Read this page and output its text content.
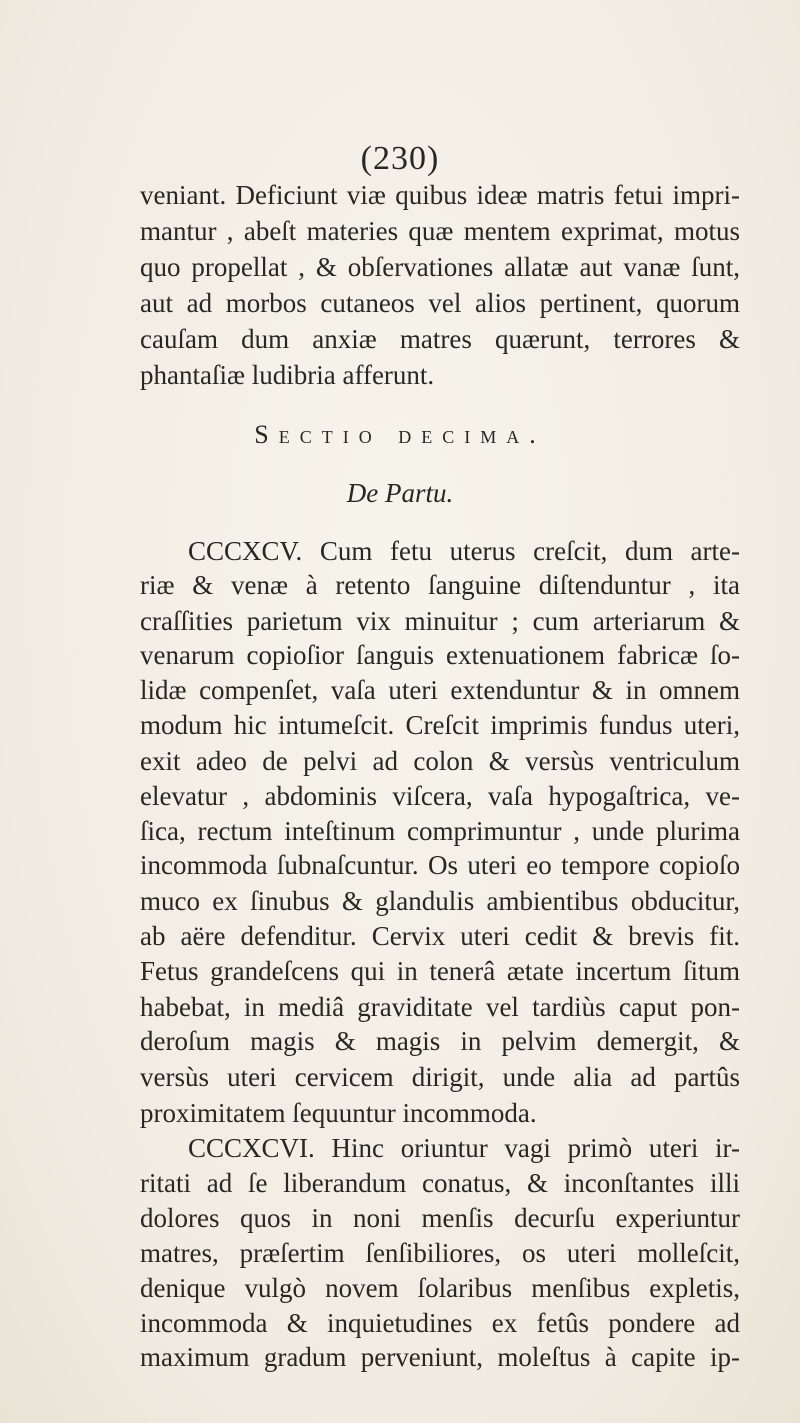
(230)
veniant. Deficiunt viæ quibus ideæ matris fetui impri-
mantur , abeſt materies quæ mentem exprimat, motus
quo propellat , & obſervationes allatæ aut vanæ ſunt,
aut ad morbos cutaneos vel alios pertinent, quorum
cauſam dum anxiæ matres quærunt, terrores &
phantaſiæ ludibria afferunt.
Sectio decima.
De Partu.
CCCXCV. Cum fetu uterus creſcit, dum arte-
riæ & venæ à retento ſanguine diſtenduntur , ita
craſſities parietum vix minuitur ; cum arteriarum &
venarum copioſior ſanguis extenuationem fabricæ ſo-
lidæ compenſet, vaſa uteri extenduntur & in omnem
modum hic intumeſcit. Creſcit imprimis fundus uteri,
exit adeo de pelvi ad colon & versùs ventriculum
elevatur , abdominis viſcera, vaſa hypogaſtrica, ve-
ſica, rectum inteſtinum comprimuntur , unde plurima
incommoda ſubnaſcuntur. Os uteri eo tempore copioſo
muco ex ſinubus & glandulis ambientibus obducitur,
ab aëre defenditur. Cervix uteri cedit & brevis fit.
Fetus grandeſcens qui in tenerâ ætate incertum ſitum
habebat, in mediâ graviditate vel tardiùs caput pon-
deroſum magis & magis in pelvim demergit, &
versùs uteri cervicem dirigit, unde alia ad partûs
proximitatem ſequuntur incommoda.
CCCXCVI. Hinc oriuntur vagi primò uteri ir-
ritati ad ſe liberandum conatus, & inconſtantes illi
dolores quos in noni menſis decurſu experiuntur
matres, præſertim ſenſibiliores, os uteri molleſcit,
denique vulgò novem ſolaribus menſibus expletis,
incommoda & inquietudines ex fetûs pondere ad
maximum gradum perveniunt, moleſtus à capite ip-
